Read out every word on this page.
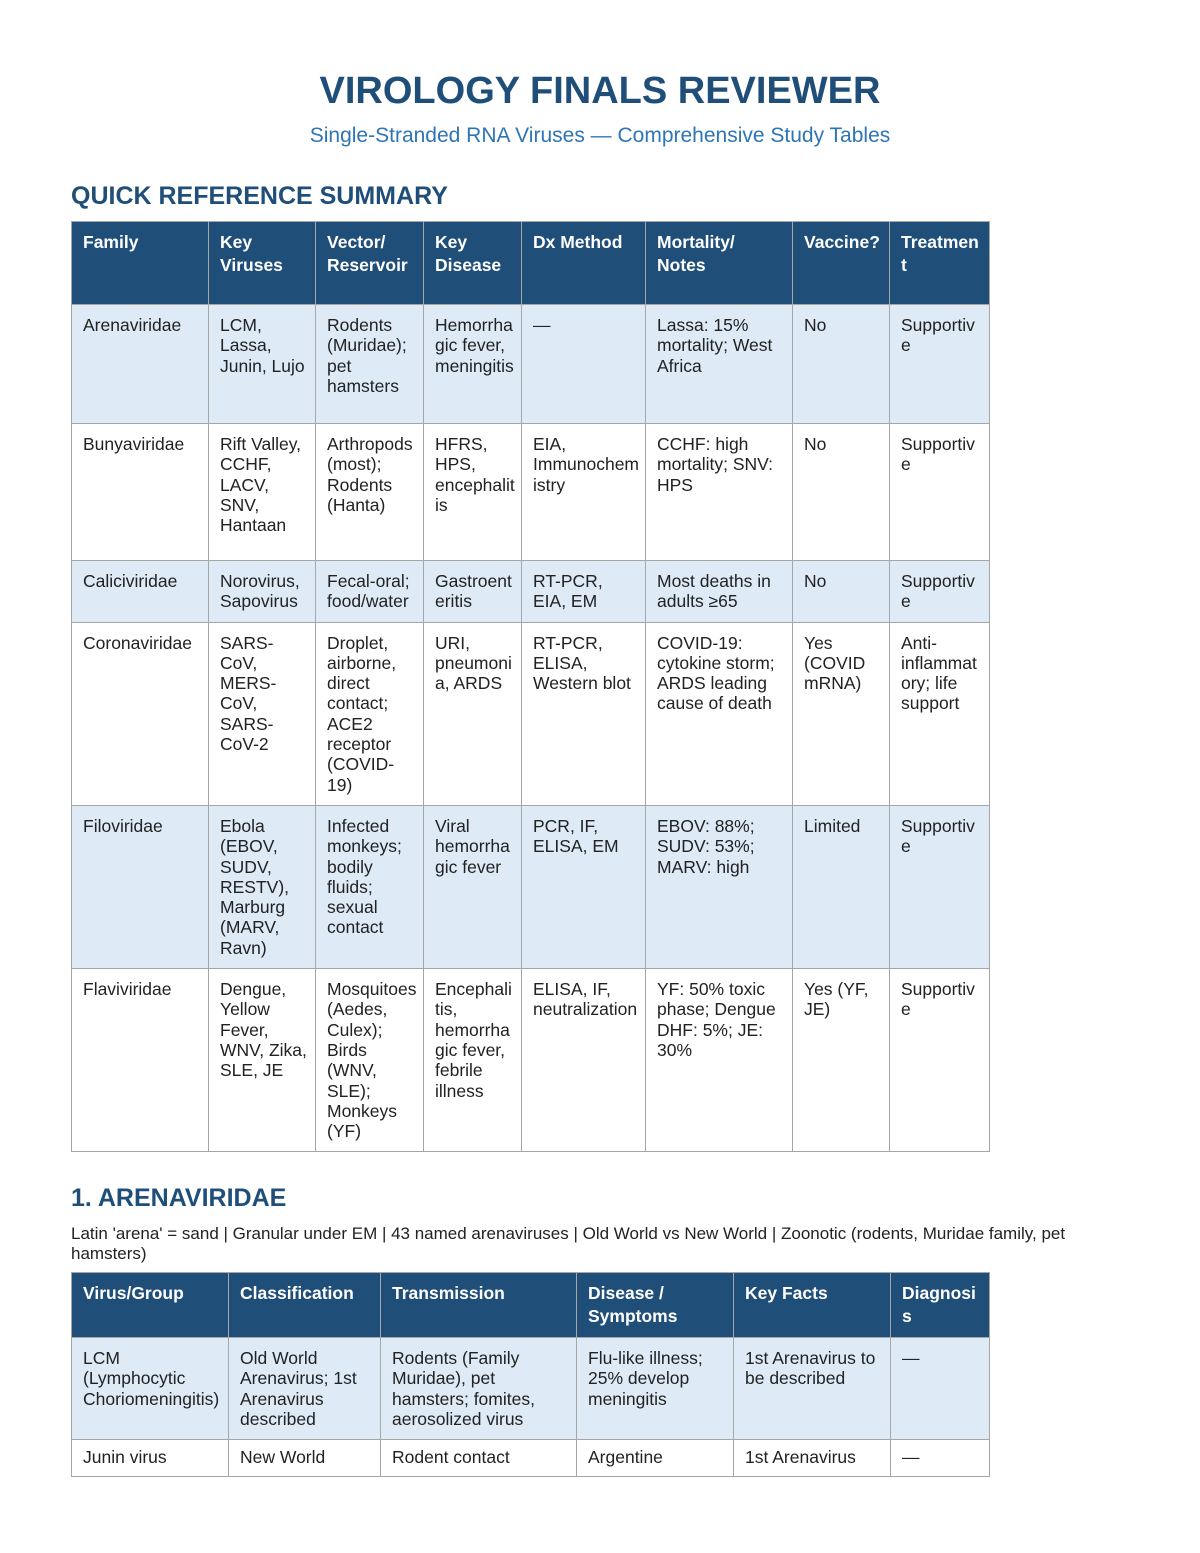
VIROLOGY FINALS REVIEWER
Single-Stranded RNA Viruses — Comprehensive Study Tables
QUICK REFERENCE SUMMARY
Family	Key Viruses	Vector/ Reservoir	Key Disease	Dx Method	Mortality/ Notes	Vaccine?	Treatment
Arenaviridae	LCM, Lassa, Junin, Lujo	Rodents (Muridae); pet hamsters	Hemorrhagic fever, meningitis	—	Lassa: 15% mortality; West Africa	No	Supportive
Bunyaviridae	Rift Valley, CCHF, LACV, SNV, Hantaan	Arthropods (most); Rodents (Hanta)	HFRS, HPS, encephalitis	EIA, Immunochemistry	CCHF: high mortality; SNV: HPS	No	Supportive
Caliciviridae	Norovirus, Sapovirus	Fecal-oral; food/water	Gastroenteritis	RT-PCR, EIA, EM	Most deaths in adults ≥65	No	Supportive
Coronaviridae	SARS-CoV, MERS-CoV, SARS-CoV-2	Droplet, airborne, direct contact; ACE2 receptor (COVID-19)	URI, pneumonia, ARDS	RT-PCR, ELISA, Western blot	COVID-19: cytokine storm; ARDS leading cause of death	Yes (COVID mRNA)	Anti-inflammatory; life support
Filoviridae	Ebola (EBOV, SUDV, RESTV), Marburg (MARV, Ravn)	Infected monkeys; bodily fluids; sexual contact	Viral hemorrhagic fever	PCR, IF, ELISA, EM	EBOV: 88%; SUDV: 53%; MARV: high	Limited	Supportive
Flaviviridae	Dengue, Yellow Fever, WNV, Zika, SLE, JE	Mosquitoes (Aedes, Culex); Birds (WNV, SLE); Monkeys (YF)	Encephalitis, hemorrhagic fever, febrile illness	ELISA, IF, neutralization	YF: 50% toxic phase; Dengue DHF: 5%; JE: 30%	Yes (YF, JE)	Supportive
1. ARENAVIRIDAE
Latin 'arena' = sand | Granular under EM | 43 named arenaviruses | Old World vs New World | Zoonotic (rodents, Muridae family, pet hamsters)
Virus/Group	Classification	Transmission	Disease / Symptoms	Key Facts	Diagnosis
LCM (Lymphocytic Choriomeningitis)	Old World Arenavirus; 1st Arenavirus described	Rodents (Family Muridae), pet hamsters; fomites, aerosolized virus	Flu-like illness; 25% develop meningitis	1st Arenavirus to be described	—
Junin virus	New World	Rodent contact	Argentine	1st Arenavirus	—
